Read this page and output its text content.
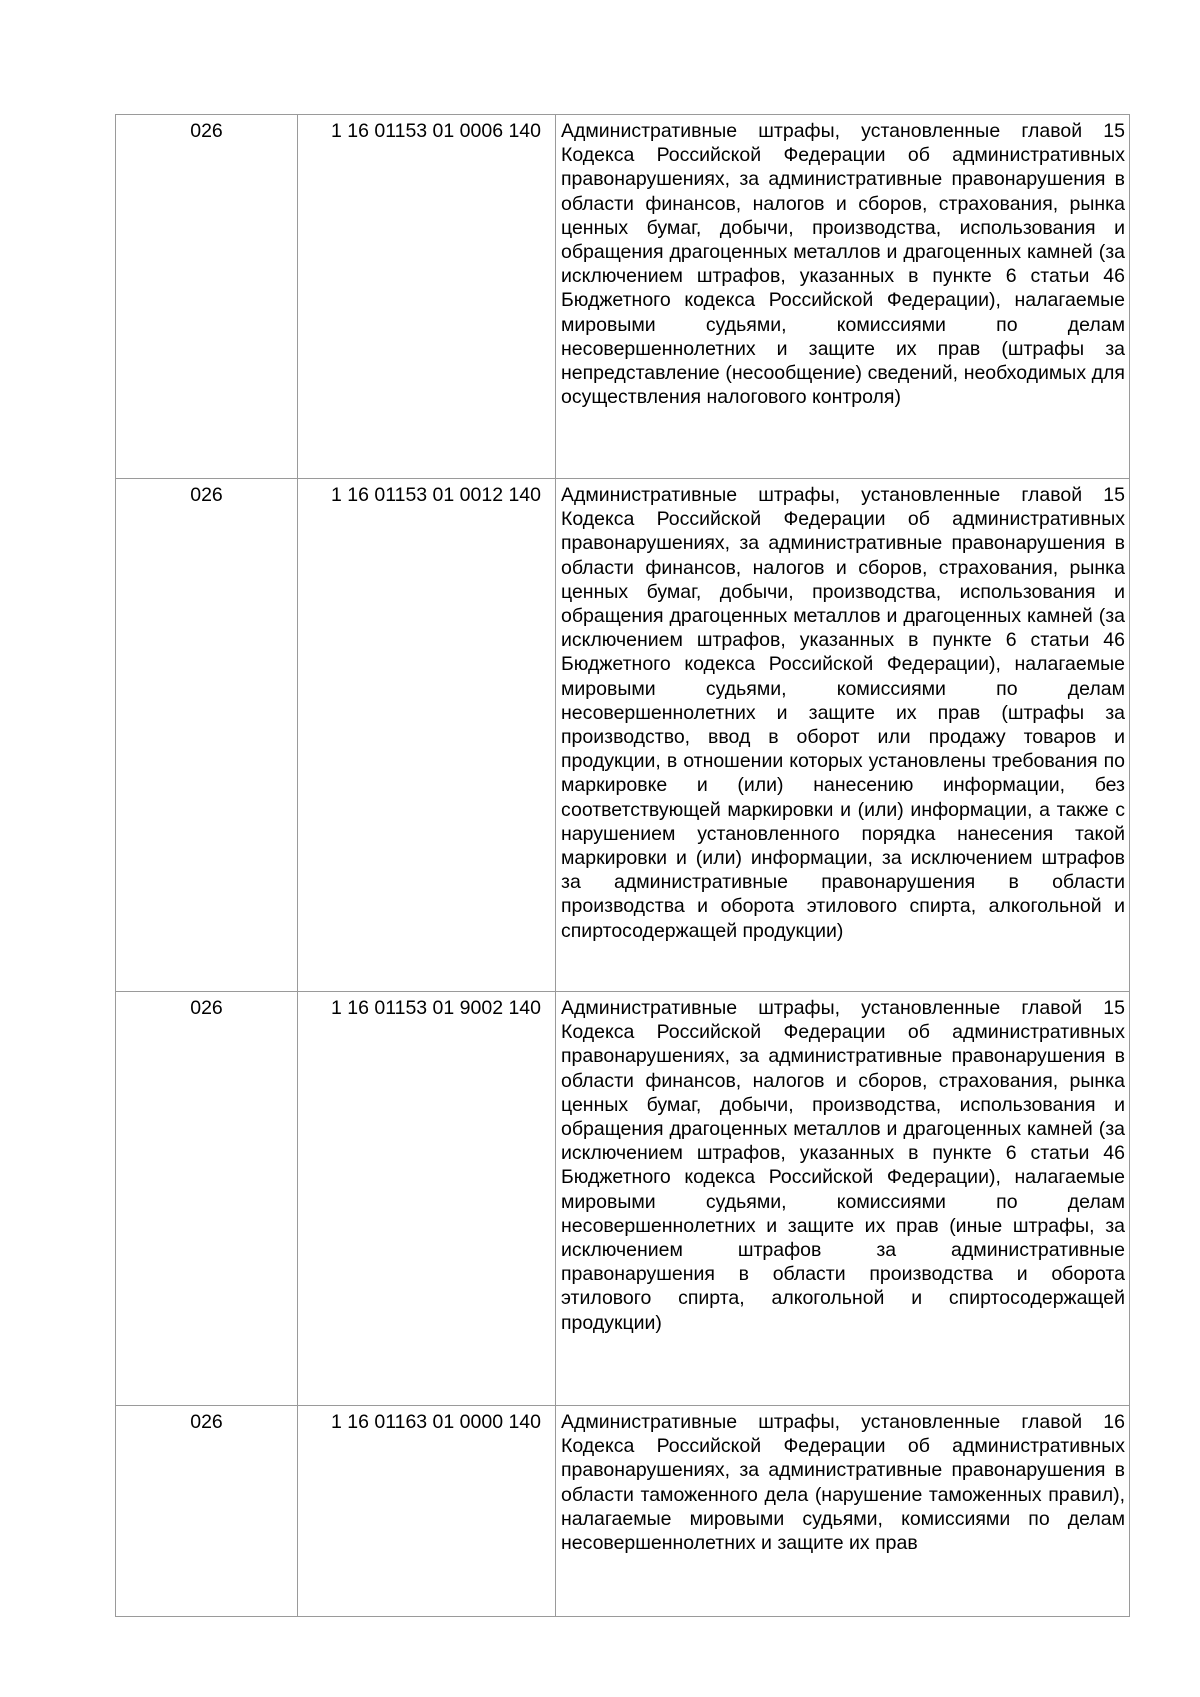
026	1 16 01153 01 0006 140	Административные штрафы, установленные главой 15 Кодекса Российской Федерации об административных правонарушениях, за административные правонарушения в области финансов, налогов и сборов, страхования, рынка ценных бумаг, добычи, производства, использования и обращения драгоценных металлов и драгоценных камней (за исключением штрафов, указанных в пункте 6 статьи 46 Бюджетного кодекса Российской Федерации), налагаемые мировыми судьями, комиссиями по делам несовершеннолетних и защите их прав (штрафы за непредставление (несообщение) сведений, необходимых для осуществления налогового контроля)
026	1 16 01153 01 0012 140	Административные штрафы, установленные главой 15 Кодекса Российской Федерации об административных правонарушениях, за административные правонарушения в области финансов, налогов и сборов, страхования, рынка ценных бумаг, добычи, производства, использования и обращения драгоценных металлов и драгоценных камней (за исключением штрафов, указанных в пункте 6 статьи 46 Бюджетного кодекса Российской Федерации), налагаемые мировыми судьями, комиссиями по делам несовершеннолетних и защите их прав (штрафы за производство, ввод в оборот или продажу товаров и продукции, в отношении которых установлены требования по маркировке и (или) нанесению информации, без соответствующей маркировки и (или) информации, а также с нарушением установленного порядка нанесения такой маркировки и (или) информации, за исключением штрафов за административные правонарушения в области производства и оборота этилового спирта, алкогольной и спиртосодержащей продукции)
026	1 16 01153 01 9002 140	Административные штрафы, установленные главой 15 Кодекса Российской Федерации об административных правонарушениях, за административные правонарушения в области финансов, налогов и сборов, страхования, рынка ценных бумаг, добычи, производства, использования и обращения драгоценных металлов и драгоценных камней (за исключением штрафов, указанных в пункте 6 статьи 46 Бюджетного кодекса Российской Федерации), налагаемые мировыми судьями, комиссиями по делам несовершеннолетних и защите их прав (иные штрафы, за исключением штрафов за административные правонарушения в области производства и оборота этилового спирта, алкогольной и спиртосодержащей продукции)
026	1 16 01163 01 0000 140	Административные штрафы, установленные главой 16 Кодекса Российской Федерации об административных правонарушениях, за административные правонарушения в области таможенного дела (нарушение таможенных правил), налагаемые мировыми судьями, комиссиями по делам несовершеннолетних и защите их прав
